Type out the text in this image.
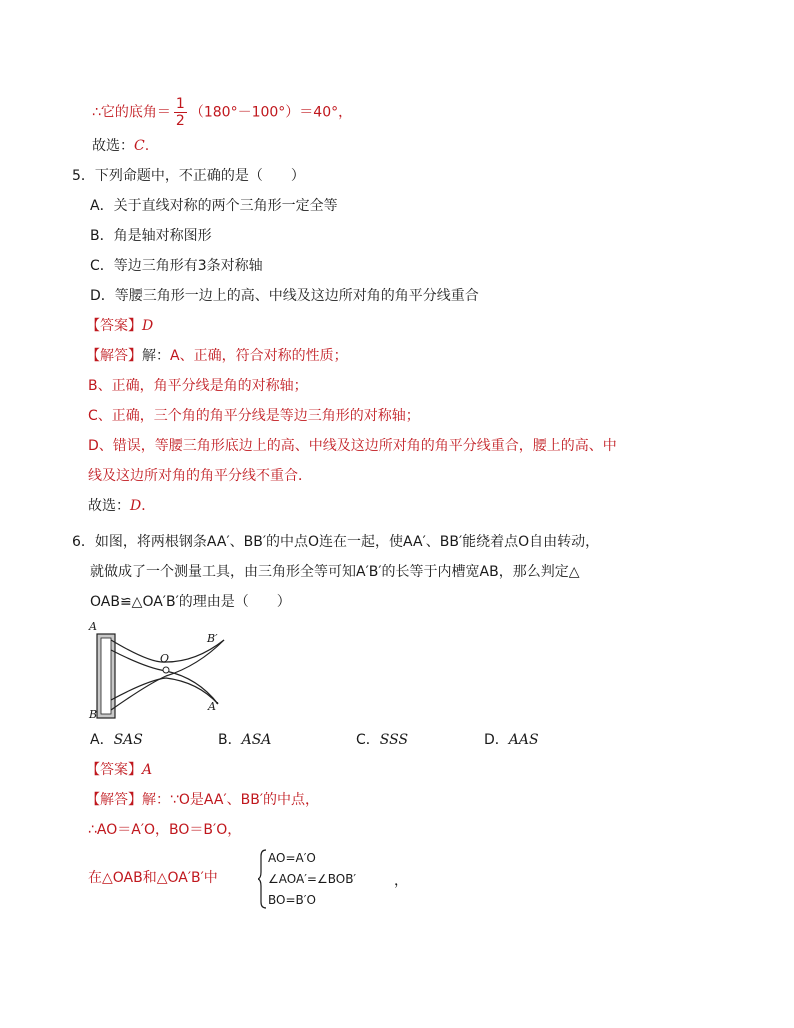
∴它的底角＝ $\frac{1}{2} (180^\circ-100^\circ)=40^\circ$，
故选：C.
5．下列命题中，不正确的是（　　）
A．关于直线对称的两个三角形一定全等
B．角是轴对称图形
C．等边三角形有3条对称轴
D．等腰三角形一边上的高、中线及这边所对角的角平分线重合
【答案】D
【解答】解：A、正确，符合对称的性质；
B、正确，角平分线是角的对称轴；
C、正确，三个角的角平分线是等边三角形的对称轴；
D、错误，等腰三角形底边上的高、中线及这边所对角的角平分线重合，腰上的高、中
线及这边所对角的角平分线不重合．
故选：D．
6．如图，将两根钢条AA′、BB′的中点O连在一起，使AA′、BB′能绕着点O自由转动，
就做成了一个测量工具，由三角形全等可知A′B′的长等于内槽宽AB，那么判定△
OAB≌△OA′B′的理由是（　　）
A
B
B′
A′
O
A．SAS	B．ASA	C．SSS	D．AAS
【答案】A
【解答】解：∵O是AA′、BB′的中点，
∴AO＝A′O，BO＝B′O，
在△OAB和△OA′B′中
AO=A′O
∠AOA′=∠BOB′
BO=B′O
，
